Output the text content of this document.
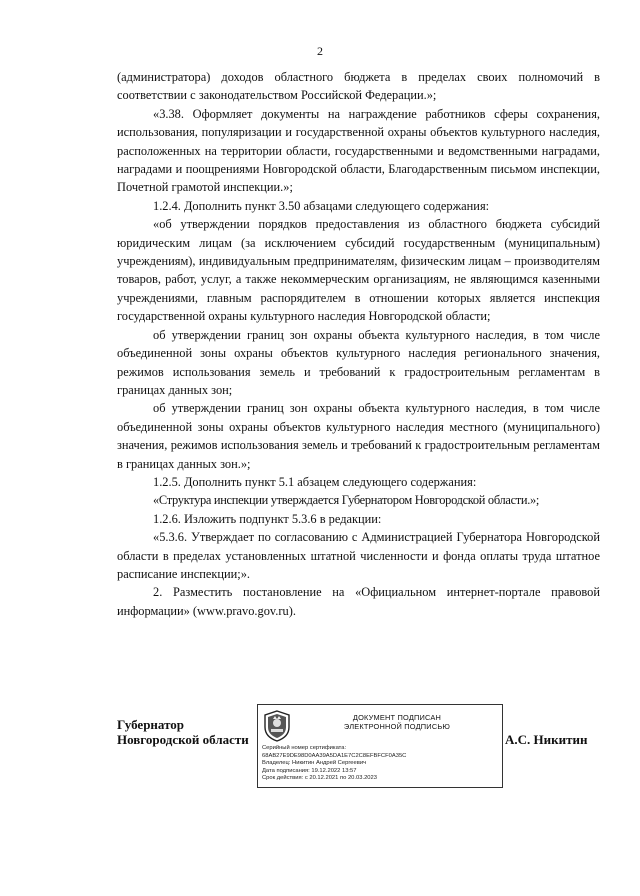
2

(администратора) доходов областного бюджета в пределах своих полномочий в соответствии с законодательством Российской Федерации.»;

«3.38. Оформляет документы на награждение работников сферы сохранения, использования, популяризации и государственной охраны объектов культурного наследия, расположенных на территории области, государственными и ведомственными наградами, наградами и поощрениями Новгородской области, Благодарственным письмом инспекции, Почетной грамотой инспекции.»;

1.2.4. Дополнить пункт 3.50 абзацами следующего содержания:

«об утверждении порядков предоставления из областного бюджета субсидий юридическим лицам (за исключением субсидий государственным (муниципальным) учреждениям), индивидуальным предпринимателям, физическим лицам – производителям товаров, работ, услуг, а также некоммерческим организациям, не являющимся казенными учреждениями, главным распорядителем в отношении которых является инспекция государственной охраны культурного наследия Новгородской области;

об утверждении границ зон охраны объекта культурного наследия, в том числе объединенной зоны охраны объектов культурного наследия регионального значения, режимов использования земель и требований к градостроительным регламентам в границах данных зон;

об утверждении границ зон охраны объекта культурного наследия, в том числе объединенной зоны охраны объектов культурного наследия местного (муниципального) значения, режимов использования земель и требований к градостроительным регламентам в границах данных зон.»;

1.2.5. Дополнить пункт 5.1 абзацем следующего содержания:

«Структура инспекции утверждается Губернатором Новгородской области.»;

1.2.6. Изложить подпункт 5.3.6 в редакции:

«5.3.6. Утверждает по согласованию с Администрацией Губернатора Новгородской области в пределах установленных штатной численности и фонда оплаты труда штатное расписание инспекции;».

2. Разместить постановление на «Официальном интернет-портале правовой информации» (www.pravo.gov.ru).

Губернатор
Новгородской области
ДОКУМЕНТ ПОДПИСАН
ЭЛЕКТРОННОЙ ПОДПИСЬЮ
Серийный номер сертификата:
68AB27E9DE98D0AA39A5DA1E7C2C8EFBFCF0A35C
Владелец: Никитин Андрей Сергеевич
Дата подписания: 19.12.2022 13:57
Срок действия: с 20.12.2021 по 20.03.2023
А.С. Никитин
